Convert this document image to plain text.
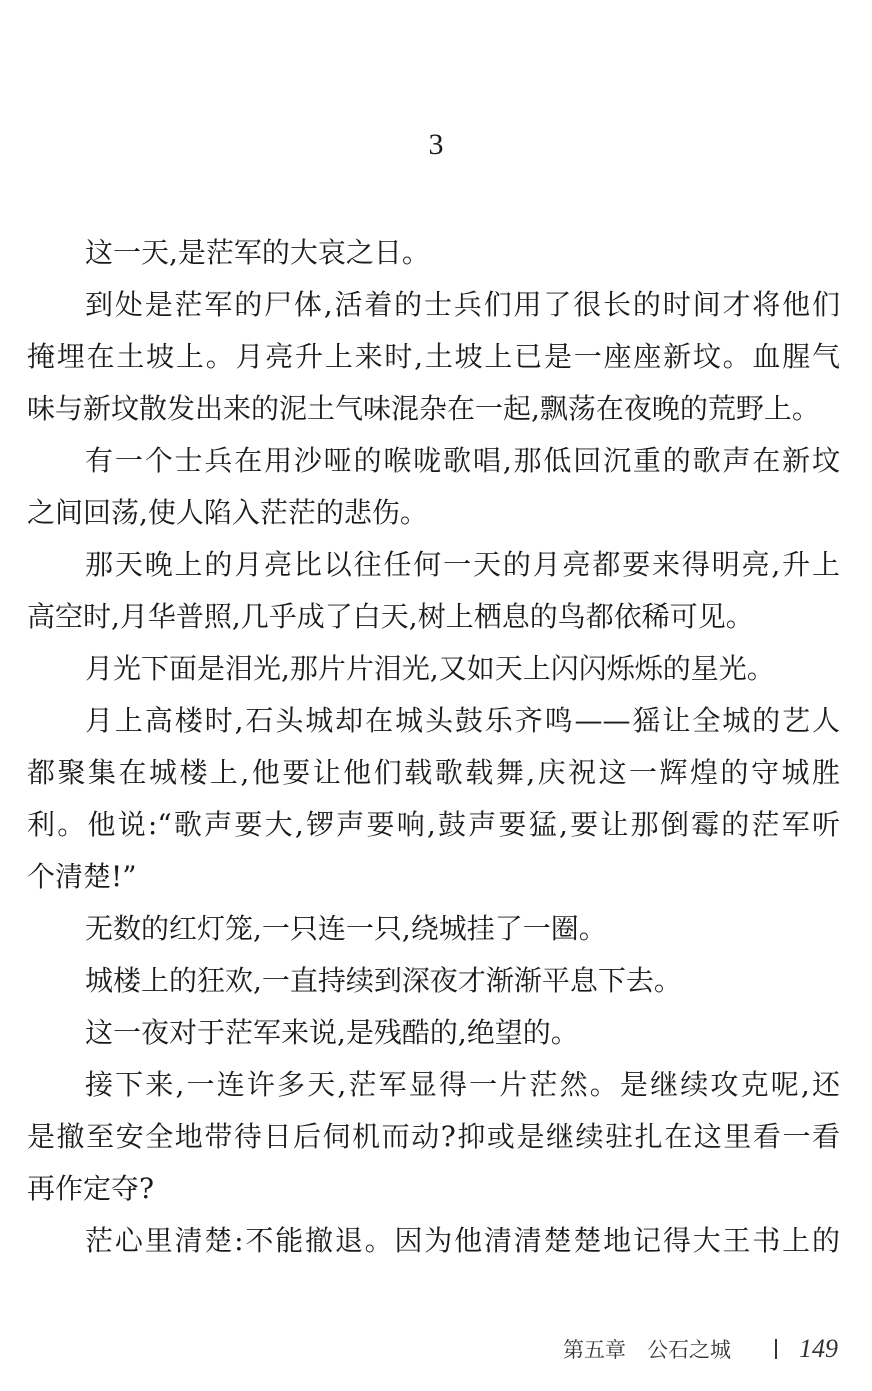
3
这一天,是茫军的大哀之日。
到处是茫军的尸体,活着的士兵们用了很长的时间才将他们
掩埋在土坡上。月亮升上来时,土坡上已是一座座新坟。血腥气
味与新坟散发出来的泥土气味混杂在一起,飘荡在夜晚的荒野上。
有一个士兵在用沙哑的喉咙歌唱,那低回沉重的歌声在新坟
之间回荡,使人陷入茫茫的悲伤。
那天晚上的月亮比以往任何一天的月亮都要来得明亮,升上
高空时,月华普照,几乎成了白天,树上栖息的鸟都依稀可见。
月光下面是泪光,那片片泪光,又如天上闪闪烁烁的星光。
月上高楼时,石头城却在城头鼓乐齐鸣——猺让全城的艺人
都聚集在城楼上,他要让他们载歌载舞,庆祝这一辉煌的守城胜
利。他说:“歌声要大,锣声要响,鼓声要猛,要让那倒霉的茫军听
个清楚!”
无数的红灯笼,一只连一只,绕城挂了一圈。
城楼上的狂欢,一直持续到深夜才渐渐平息下去。
这一夜对于茫军来说,是残酷的,绝望的。
接下来,一连许多天,茫军显得一片茫然。是继续攻克呢,还
是撤至安全地带待日后伺机而动?抑或是继续驻扎在这里看一看
再作定夺?
茫心里清楚:不能撤退。因为他清清楚楚地记得大王书上的
第五章　公石之城	149
